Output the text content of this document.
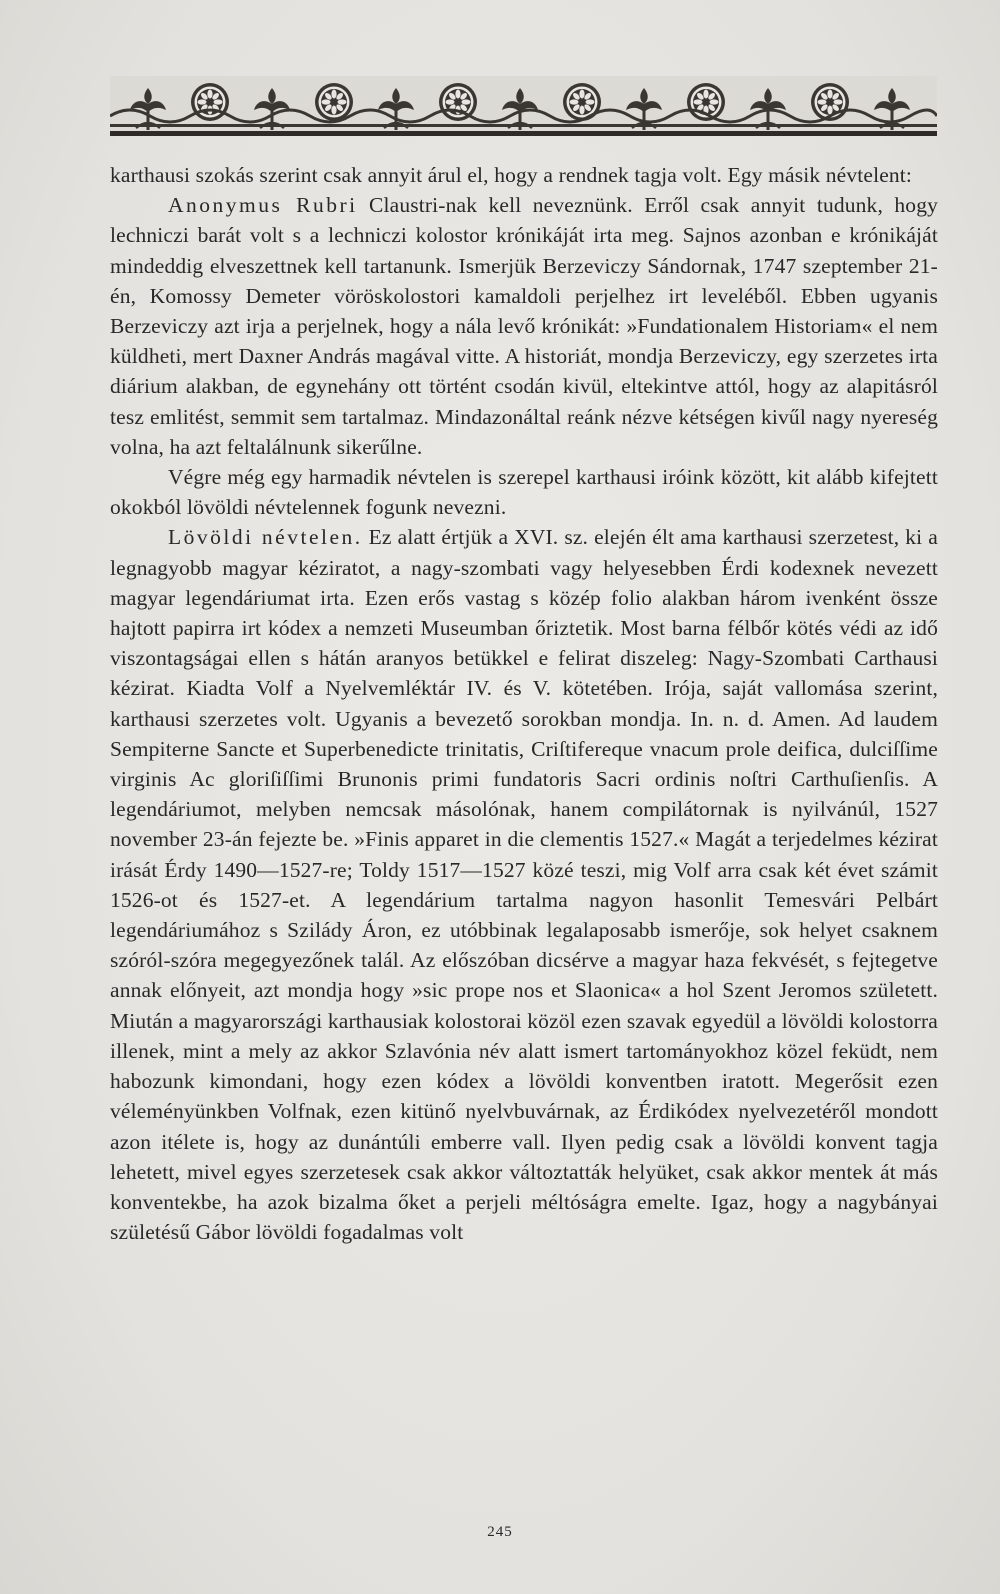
karthausi szokás szerint csak annyit árul el, hogy a rendnek tagja volt. Egy másik névtelent:

Anonymus Rubri Claustri-nak kell neveznünk. Erről csak annyit tudunk, hogy lechniczi barát volt s a lechniczi kolostor krónikáját irta meg. Sajnos azonban e krónikáját mindeddig elveszettnek kell tartanunk. Ismerjük Berzeviczy Sándornak, 1747 szeptember 21-én, Komossy Demeter vöröskolostori kamaldoli perjelhez irt leveléből. Ebben ugyanis Berzeviczy azt irja a perjelnek, hogy a nála levő krónikát: »Fundationalem Historiam« el nem küldheti, mert Daxner András magával vitte. A historiát, mondja Berzeviczy, egy szerzetes irta diárium alakban, de egynehány ott történt csodán kivül, eltekintve attól, hogy az alapitásról tesz emlitést, semmit sem tartalmaz. Mindazonáltal reánk nézve kétségen kivűl nagy nyereség volna, ha azt feltalálnunk sikerűlne.

Végre még egy harmadik névtelen is szerepel karthausi iróink között, kit alább kifejtett okokból lövöldi névtelennek fogunk nevezni.

Lövöldi névtelen. Ez alatt értjük a XVI. sz. elején élt ama karthausi szerzetest, ki a legnagyobb magyar kéziratot, a nagy-szombati vagy helyesebben Érdi kodexnek nevezett magyar legendáriumat irta. Ezen erős vastag s közép folio alakban három ivenként össze hajtott papirra irt kódex a nemzeti Museumban őriztetik. Most barna félbőr kötés védi az idő viszontagságai ellen s hátán aranyos betükkel e felirat diszeleg: Nagy-Szombati Carthausi kézirat. Kiadta Volf a Nyelvemléktár IV. és V. kötetében. Irója, saját vallomása szerint, karthausi szerzetes volt. Ugyanis a bevezető sorokban mondja. In. n. d. Amen. Ad laudem Sempiterne Sancte et Superbenedicte trinitatis, Criſtifereque vnacum prole deifica, dulciſſime virginis Ac gloriſiſſimi Brunonis primi fundatoris Sacri ordinis noſtri Carthuſienſis. A legendáriumot, melyben nemcsak másolónak, hanem compilátornak is nyilvánúl, 1527 november 23-án fejezte be. »Finis apparet in die clementis 1527.« Magát a terjedelmes kézirat irását Érdy 1490—1527-re; Toldy 1517—1527 közé teszi, mig Volf arra csak két évet számit 1526-ot és 1527-et. A legendárium tartalma nagyon hasonlit Temesvári Pelbárt legendáriumához s Szilády Áron, ez utóbbinak legalaposabb ismerője, sok helyet csaknem szóról-szóra megegyezőnek talál. Az előszóban dicsérve a magyar haza fekvését, s fejtegetve annak előnyeit, azt mondja hogy »sic prope nos et Slaonica« a hol Szent Jeromos született. Miután a magyarországi karthausiak kolostorai közöl ezen szavak egyedül a lövöldi kolostorra illenek, mint a mely az akkor Szlavónia név alatt ismert tartományokhoz közel feküdt, nem habozunk kimondani, hogy ezen kódex a lövöldi konventben iratott. Megerősit ezen véleményünkben Volfnak, ezen kitünő nyelvbuvárnak, az Érdikódex nyelvezetéről mondott azon itélete is, hogy az dunántúli emberre vall. Ilyen pedig csak a lövöldi konvent tagja lehetett, mivel egyes szerzetesek csak akkor változtatták helyüket, csak akkor mentek át más konventekbe, ha azok bizalma őket a perjeli méltóságra emelte. Igaz, hogy a nagybányai születésű Gábor lövöldi fogadalmas volt

245
